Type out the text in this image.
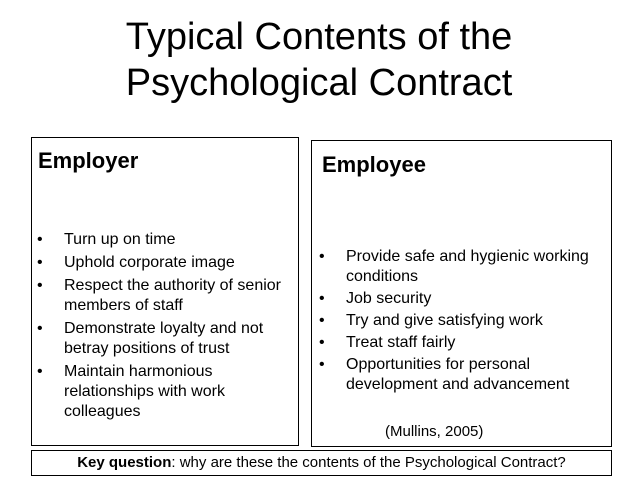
Typical Contents of the
Psychological Contract
Employer
• Turn up on time
• Uphold corporate image
• Respect the authority of senior members of staff
• Demonstrate loyalty and not betray positions of trust
• Maintain harmonious relationships with work colleagues
Employee
• Provide safe and hygienic working conditions
• Job security
• Try and give satisfying work
• Treat staff fairly
• Opportunities for personal development and advancement
(Mullins, 2005)
Key question: why are these the contents of the Psychological Contract?
